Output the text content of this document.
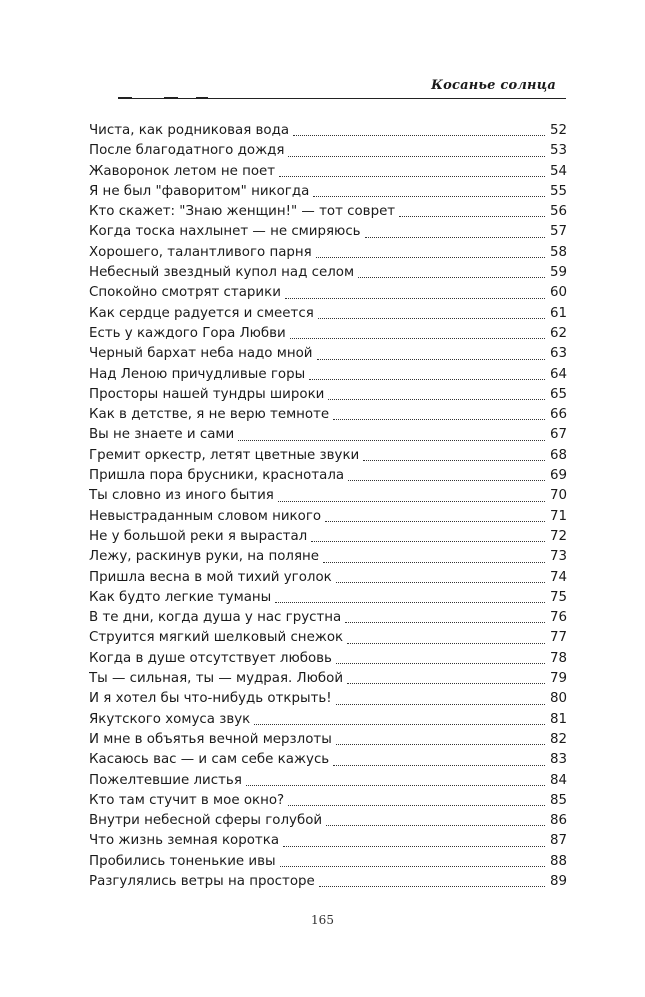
Косанье солнца
Чиста, как родниковая вода	52
После благодатного дождя	53
Жаворонок летом не поет	54
Я не был "фаворитом" никогда	55
Кто скажет: "Знаю женщин!" — тот соврет	56
Когда тоска нахлынет — не смиряюсь	57
Хорошего, талантливого парня	58
Небесный звездный купол над селом	59
Спокойно смотрят старики	60
Как сердце радуется и смеется	61
Есть у каждого Гора Любви	62
Черный бархат неба надо мной	63
Над Леною причудливые горы	64
Просторы нашей тундры широки	65
Как в детстве, я не верю темноте	66
Вы не знаете и сами	67
Гремит оркестр, летят цветные звуки	68
Пришла пора брусники, краснотала	69
Ты словно из иного бытия	70
Невыстраданным словом никого	71
Не у большой реки я вырастал	72
Лежу, раскинув руки, на поляне	73
Пришла весна в мой тихий уголок	74
Как будто легкие туманы	75
В те дни, когда душа у нас грустна	76
Струится мягкий шелковый снежок	77
Когда в душе отсутствует любовь	78
Ты — сильная, ты — мудрая. Любой	79
И я хотел бы что-нибудь открыть!	80
Якутского хомуса звук	81
И мне в объятья вечной мерзлоты	82
Касаюсь вас — и сам себе кажусь	83
Пожелтевшие листья	84
Кто там стучит в мое окно?	85
Внутри небесной сферы голубой	86
Что жизнь земная коротка	87
Пробились тоненькие ивы	88
Разгулялись ветры на просторе	89
165
